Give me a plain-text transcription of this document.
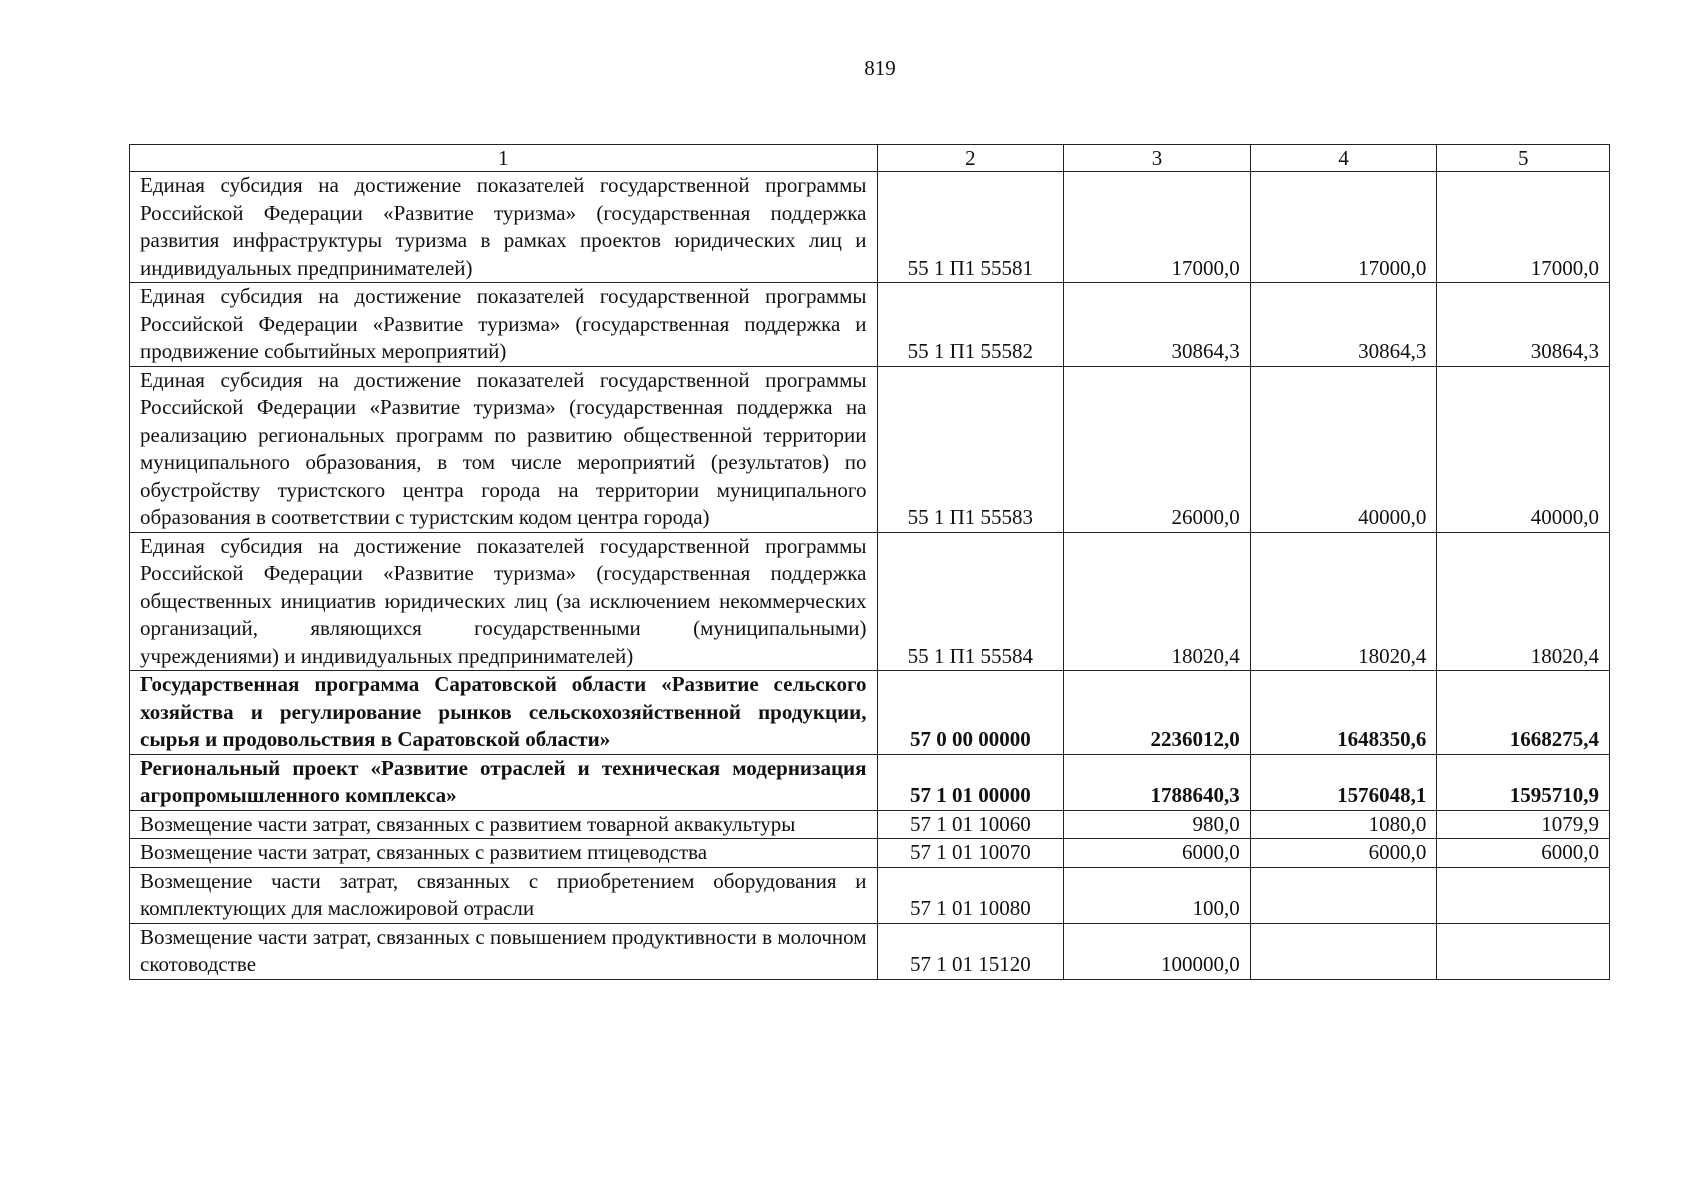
819
1	2	3	4	5
Единая субсидия на достижение показателей государственной программы Российской Федерации «Развитие туризма» (государственная поддержка развития инфраструктуры туризма в рамках проектов юридических лиц и индивидуальных предпринимателей)	55 1 П1 55581	17000,0	17000,0	17000,0
Единая субсидия на достижение показателей государственной программы Российской Федерации «Развитие туризма» (государственная поддержка и продвижение событийных мероприятий)	55 1 П1 55582	30864,3	30864,3	30864,3
Единая субсидия на достижение показателей государственной программы Российской Федерации «Развитие туризма» (государственная поддержка на реализацию региональных программ по развитию общественной территории муниципального образования, в том числе мероприятий (результатов) по обустройству туристского центра города на территории муниципального образования в соответствии с туристским кодом центра города)	55 1 П1 55583	26000,0	40000,0	40000,0
Единая субсидия на достижение показателей государственной программы Российской Федерации «Развитие туризма» (государственная поддержка общественных инициатив юридических лиц (за исключением некоммерческих организаций, являющихся государственными (муниципальными) учреждениями) и индивидуальных предпринимателей)	55 1 П1 55584	18020,4	18020,4	18020,4
Государственная программа Саратовской области «Развитие сельского хозяйства и регулирование рынков сельскохозяйственной продукции, сырья и продовольствия в Саратовской области»	57 0 00 00000	2236012,0	1648350,6	1668275,4
Региональный проект «Развитие отраслей и техническая модернизация агропромышленного комплекса»	57 1 01 00000	1788640,3	1576048,1	1595710,9
Возмещение части затрат, связанных с развитием товарной аквакультуры	57 1 01 10060	980,0	1080,0	1079,9
Возмещение части затрат, связанных с развитием птицеводства	57 1 01 10070	6000,0	6000,0	6000,0
Возмещение части затрат, связанных с приобретением оборудования и комплектующих для масложировой отрасли	57 1 01 10080	100,0		
Возмещение части затрат, связанных с повышением продуктивности в молочном скотоводстве	57 1 01 15120	100000,0		
